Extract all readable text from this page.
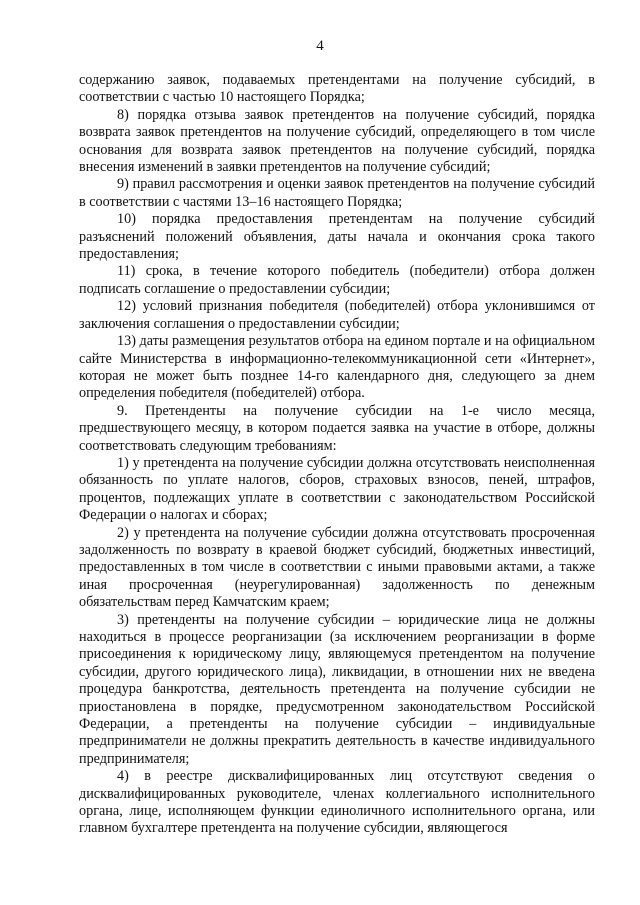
4

содержанию заявок, подаваемых претендентами на получение субсидий, в соответствии с частью 10 настоящего Порядка;

8) порядка отзыва заявок претендентов на получение субсидий, порядка возврата заявок претендентов на получение субсидий, определяющего в том числе основания для возврата заявок претендентов на получение субсидий, порядка внесения изменений в заявки претендентов на получение субсидий;

9) правил рассмотрения и оценки заявок претендентов на получение субсидий в соответствии с частями 13–16 настоящего Порядка;

10) порядка предоставления претендентам на получение субсидий разъяснений положений объявления, даты начала и окончания срока такого предоставления;

11) срока, в течение которого победитель (победители) отбора должен подписать соглашение о предоставлении субсидии;

12) условий признания победителя (победителей) отбора уклонившимся от заключения соглашения о предоставлении субсидии;

13) даты размещения результатов отбора на едином портале и на официальном сайте Министерства в информационно-телекоммуникационной сети «Интернет», которая не может быть позднее 14-го календарного дня, следующего за днем определения победителя (победителей) отбора.

9. Претенденты на получение субсидии на 1-е число месяца, предшествующего месяцу, в котором подается заявка на участие в отборе, должны соответствовать следующим требованиям:

1) у претендента на получение субсидии должна отсутствовать неисполненная обязанность по уплате налогов, сборов, страховых взносов, пеней, штрафов, процентов, подлежащих уплате в соответствии с законодательством Российской Федерации о налогах и сборах;

2) у претендента на получение субсидии должна отсутствовать просроченная задолженность по возврату в краевой бюджет субсидий, бюджетных инвестиций, предоставленных в том числе в соответствии с иными правовыми актами, а также иная просроченная (неурегулированная) задолженность по денежным обязательствам перед Камчатским краем;

3) претенденты на получение субсидии – юридические лица не должны находиться в процессе реорганизации (за исключением реорганизации в форме присоединения к юридическому лицу, являющемуся претендентом на получение субсидии, другого юридического лица), ликвидации, в отношении них не введена процедура банкротства, деятельность претендента на получение субсидии не приостановлена в порядке, предусмотренном законодательством Российской Федерации, а претенденты на получение субсидии – индивидуальные предприниматели не должны прекратить деятельность в качестве индивидуального предпринимателя;

4) в реестре дисквалифицированных лиц отсутствуют сведения о дисквалифицированных руководителе, членах коллегиального исполнительного органа, лице, исполняющем функции единоличного исполнительного органа, или главном бухгалтере претендента на получение субсидии, являющегося
